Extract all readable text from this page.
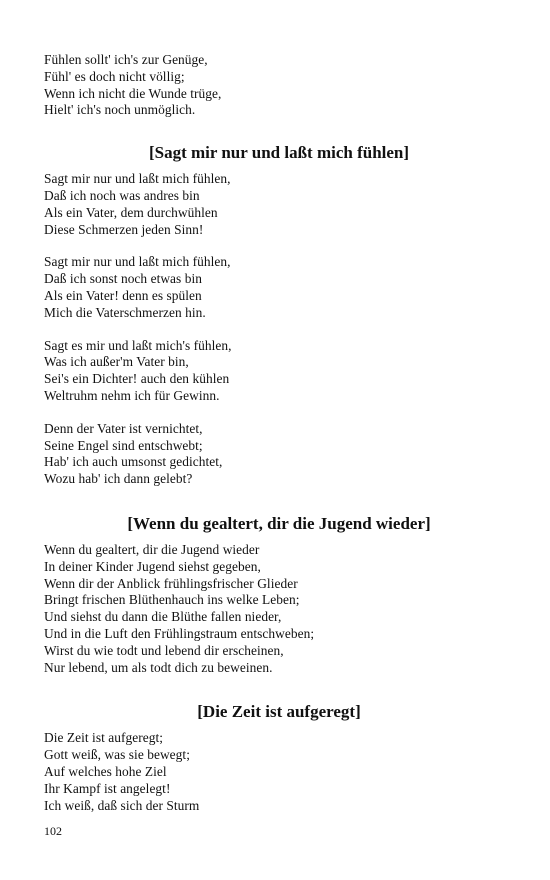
Fühlen sollt' ich's zur Genüge,
Fühl' es doch nicht völlig;
Wenn ich nicht die Wunde trüge,
Hielt' ich's noch unmöglich.
[Sagt mir nur und laßt mich fühlen]
Sagt mir nur und laßt mich fühlen,
Daß ich noch was andres bin
Als ein Vater, dem durchwühlen
Diese Schmerzen jeden Sinn!
Sagt mir nur und laßt mich fühlen,
Daß ich sonst noch etwas bin
Als ein Vater! denn es spülen
Mich die Vaterschmerzen hin.
Sagt es mir und laßt mich's fühlen,
Was ich außer'm Vater bin,
Sei's ein Dichter! auch den kühlen
Weltruhm nehm ich für Gewinn.
Denn der Vater ist vernichtet,
Seine Engel sind entschwebt;
Hab' ich auch umsonst gedichtet,
Wozu hab' ich dann gelebt?
[Wenn du gealtert, dir die Jugend wieder]
Wenn du gealtert, dir die Jugend wieder
In deiner Kinder Jugend siehst gegeben,
Wenn dir der Anblick frühlingsfrischer Glieder
Bringt frischen Blüthenhauch ins welke Leben;
Und siehst du dann die Blüthe fallen nieder,
Und in die Luft den Frühlingstraum entschweben;
Wirst du wie todt und lebend dir erscheinen,
Nur lebend, um als todt dich zu beweinen.
[Die Zeit ist aufgeregt]
Die Zeit ist aufgeregt;
Gott weiß, was sie bewegt;
Auf welches hohe Ziel
Ihr Kampf ist angelegt!
Ich weiß, daß sich der Sturm
102
